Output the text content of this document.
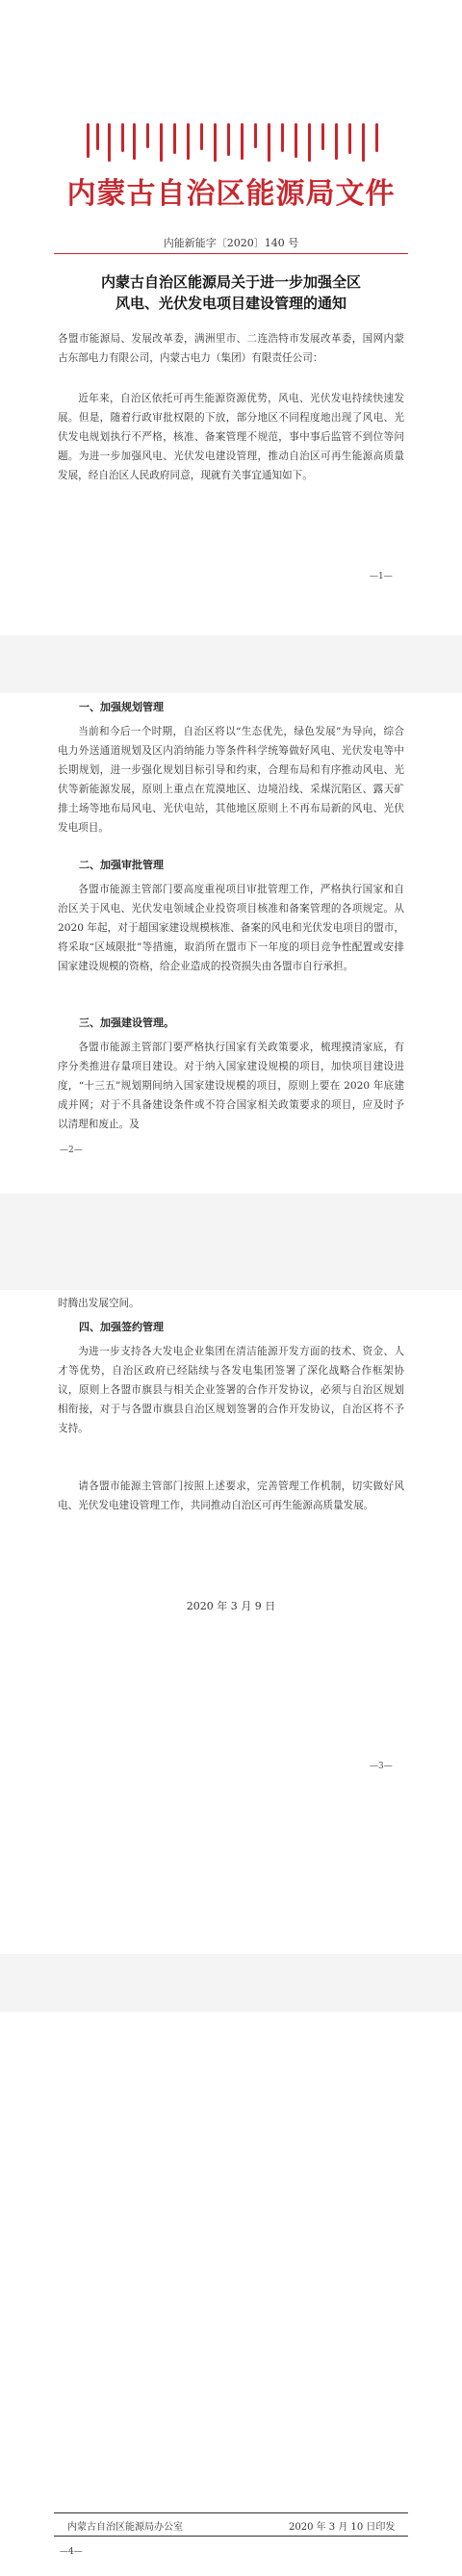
内蒙古自治区能源局文件
内能新能字〔2020〕140 号
内蒙古自治区能源局关于进一步加强全区
风电、光伏发电项目建设管理的通知
各盟市能源局、发展改革委，满洲里市、二连浩特市发展改革委，国网内蒙古东部电力有限公司，内蒙古电力（集团）有限责任公司：
近年来，自治区依托可再生能源资源优势，风电、光伏发电持续快速发展。但是，随着行政审批权限的下放，部分地区不同程度地出现了风电、光伏发电规划执行不严格，核准、备案管理不规范，事中事后监管不到位等问题。为进一步加强风电、光伏发电建设管理，推动自治区可再生能源高质量发展，经自治区人民政府同意，现就有关事宜通知如下。
—1—
一、加强规划管理
当前和今后一个时期，自治区将以“生态优先，绿色发展”为导向，综合电力外送通道规划及区内消纳能力等条件科学统筹做好风电、光伏发电等中长期规划，进一步强化规划目标引导和约束，合理布局和有序推动风电、光伏等新能源发展，原则上重点在荒漠地区、边境沿线、采煤沉陷区、露天矿排土场等地布局风电、光伏电站，其他地区原则上不再布局新的风电、光伏发电项目。
二、加强审批管理
各盟市能源主管部门要高度重视项目审批管理工作，严格执行国家和自治区关于风电、光伏发电领域企业投资项目核准和备案管理的各项规定。从 2020 年起，对于超国家建设规模核准、备案的风电和光伏发电项目的盟市，将采取“区域限批”等措施，取消所在盟市下一年度的项目竞争性配置或安排国家建设规模的资格，给企业造成的投资损失由各盟市自行承担。
三、加强建设管理。
各盟市能源主管部门要严格执行国家有关政策要求，梳理摸清家底，有序分类推进存量项目建设。对于纳入国家建设规模的项目，加快项目建设进度，“十三五”规划期间纳入国家建设规模的项目，原则上要在 2020 年底建成并网；对于不具备建设条件或不符合国家相关政策要求的项目，应及时予以清理和废止。及
—2—
时腾出发展空间。
四、加强签约管理
为进一步支持各大发电企业集团在清洁能源开发方面的技术、资金、人才等优势，自治区政府已经陆续与各发电集团签署了深化战略合作框架协议，原则上各盟市旗县与相关企业签署的合作开发协议，必须与自治区规划相衔接，对于与各盟市旗县自治区规划签署的合作开发协议，自治区将不予支持。
请各盟市能源主管部门按照上述要求，完善管理工作机制，切实做好风电、光伏发电建设管理工作，共同推动自治区可再生能源高质量发展。
2020 年 3 月 9 日
—3—
内蒙古自治区能源局办公室	2020 年 3 月 10 日印发
—4—
